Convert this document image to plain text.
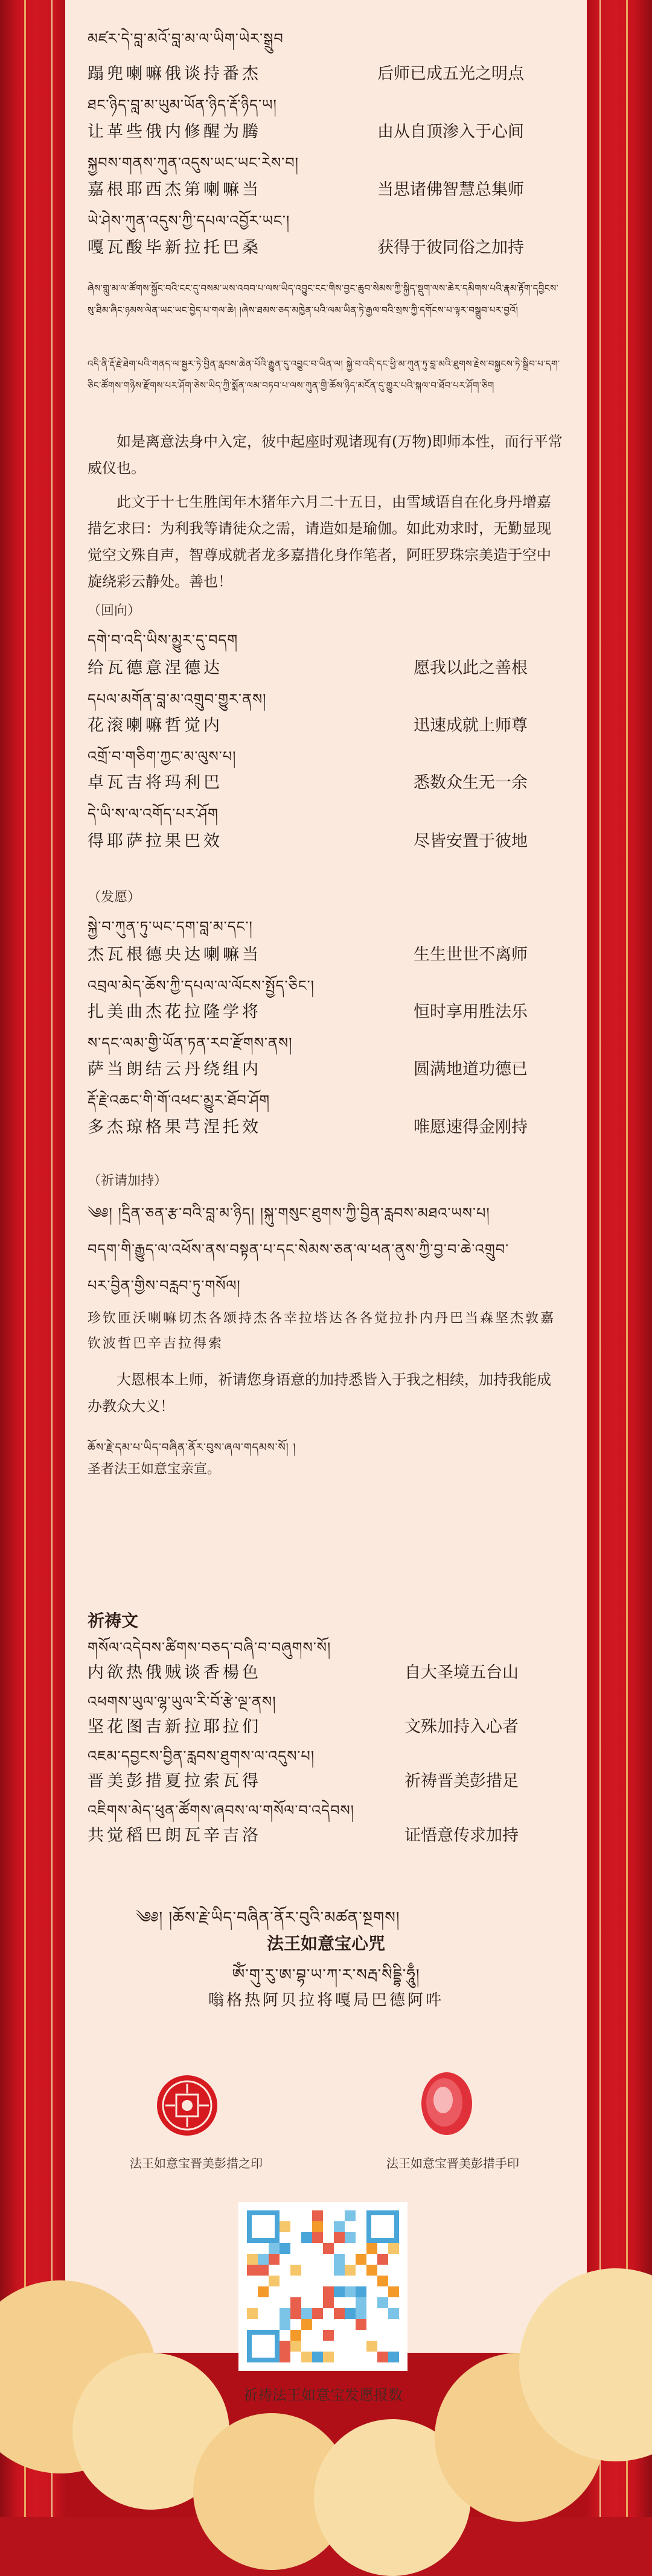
མཛར་དེ་བླ་མའོ་བླ་མ་ལ་ཡིག་ཡེར་སྒྲུབ
蹋兜喇嘛俄谈持番杰	后师已成五光之明点
ཐང་ཉིད་བླ་མ་ཡུམ་ཡོན་ཉིད་རྡོ་ཉིད་ཡ།
让革些俄内修醒为腾	由从自顶渗入于心间
སྐྱབས་གནས་ཀུན་འདུས་ཡང་ཡང་རེས་བ།
嘉根耶西杰第喇嘛当	当思诸佛智慧总集师
ཡེ་ཤེས་ཀུན་འདུས་ཀྱི་དཔལ་འབྱོར་ཡང་།
嘎瓦酸毕新拉托巴桑	获得于彼同俗之加持
ཞེས་གླུ་མ་ལ་ཚོགས་སྐྱོང་བའི་ངང་དུ་བསམ་ཡས་འབབ་པ་ལས་ཡིད་འབྱུང་ངང་གིས་བྱང་ཆུབ་སེམས་ཀྱི་སྐྱིད་སྡུག་ལས་ཆེར་དམིགས་པའི་རྣམ་རྟོག་དབྱིངས་སུ་ཐིམ་ཞིང་ཉམས་ལེན་ཡང་ཡང་བྱེད་པ་གལ་ཆེ། །ཞེས་ཐམས་ཅད་མཁྱེན་པའི་ལམ་ཡིན་ཏེ་རྒྱལ་བའི་སྲས་ཀྱི་དགོངས་པ་ལྟར་བསྒྲུབ་པར་བྱའོ།
འདི་ནི་རྡོ་རྗེ་ཐེག་པའི་གནད་ལ་སྦྱར་ཏེ་བྱིན་རླབས་ཆེན་པོའི་རྒྱུན་དུ་འབྱུང་བ་ཡིན་ལ། སྐྱེ་བ་འདི་དང་ཕྱི་མ་ཀུན་ཏུ་བླ་མའི་ཐུགས་རྗེས་བསྐྱངས་ཏེ་སྒྲིབ་པ་དག་ཅིང་ཚོགས་གཉིས་རྫོགས་པར་ཤོག་ཅེས་ཡིད་ཀྱི་སྨོན་ལམ་བཏབ་པ་ལས་ཀུན་གྱི་ཆོས་ཉིད་མངོན་དུ་གྱུར་པའི་སྐལ་བ་ཐོབ་པར་ཤོག་ཅིག
如是离意法身中入定，彼中起座时观诸现有(万物)即师本性，而行平常威仪也。
此文于十七生胜闰年木猪年六月二十五日，由雪域语自在化身丹增嘉措乞求曰：为利我等请徒众之需，请造如是瑜伽。如此劝求时，无勤显现觉空文殊自声，智尊成就者龙多嘉措化身作笔者，阿旺罗珠宗美造于空中旋绕彩云静处。善也！
（回向）
དགེ་བ་འདི་ཡིས་མྱུར་དུ་བདག
给瓦德意涅德达	愿我以此之善根
དཔལ་མགོན་བླ་མ་འགྲུབ་གྱུར་ནས།
花滚喇嘛哲觉内	迅速成就上师尊
འགྲོ་བ་གཅིག་ཀྱང་མ་ལུས་པ།
卓瓦吉将玛利巴	悉数众生无一余
དེ་ཡི་ས་ལ་འགོད་པར་ཤོག
得耶萨拉果巴效	尽皆安置于彼地
（发愿）
སྐྱེ་བ་ཀུན་ཏུ་ཡང་དག་བླ་མ་དང་།
杰瓦根德央达喇嘛当	生生世世不离师
འབྲལ་མེད་ཆོས་ཀྱི་དཔལ་ལ་ལོངས་སྤྱོད་ཅིང་།
扎美曲杰花拉隆学将	恒时享用胜法乐
ས་དང་ལམ་གྱི་ཡོན་ཏན་རབ་རྫོགས་ནས།
萨当朗结云丹绕组内	圆满地道功德已
རྡོ་རྗེ་འཆང་གི་གོ་འཕང་མྱུར་ཐོབ་ཤོག
多杰琼格果芎涅托效	唯愿速得金刚持
（祈请加持）
༄༅། །དྲིན་ཅན་རྩ་བའི་བླ་མ་ཉིད། །སྐུ་གསུང་ཐུགས་ཀྱི་བྱིན་རླབས་མཐའ་ཡས་པ།
བདག་གི་རྒྱུད་ལ་འཕོས་ནས་བསྟན་པ་དང་སེམས་ཅན་ལ་ཕན་ནུས་ཀྱི་བྱ་བ་ཆེ་འགྲུབ་
པར་བྱིན་གྱིས་བརླབ་ཏུ་གསོལ།
珍钦匝沃喇嘛切杰各颂持杰各幸拉塔达各各觉拉扑内丹巴当森坚杰敦嘉钦波哲巴辛吉拉得索
大恩根本上师，祈请您身语意的加持悉皆入于我之相续，加持我能成办教众大义！
ཆོས་རྗེ་དམ་པ་ཡིད་བཞིན་ནོར་བུས་ཞལ་གདམས་སོ། །
圣者法王如意宝亲宣。
祈祷文
གསོལ་འདེབས་ཚིགས་བཅད་བཞི་བ་བཞུགས་སོ།
内欲热俄贼谈香楊色	自大圣境五台山
འཕགས་ཡུལ་ལྷ་ཡུལ་རི་བོ་རྩེ་ལྔ་ནས།
坚花图吉新拉耶拉们	文殊加持入心者
འཇམ་དབྱངས་བྱིན་རླབས་ཐུགས་ལ་འདུས་པ།
晋美彭措夏拉索瓦得	祈祷晋美彭措足
འཇིགས་མེད་ཕུན་ཚོགས་ཞབས་ལ་གསོལ་བ་འདེབས།
共觉稻巴朗瓦辛吉洛	证悟意传求加持
༄༅། །ཆོས་རྗེ་ཡིད་བཞིན་ནོར་བུའི་མཚན་སྔགས།
法王如意宝心咒
ཨོཾ་གུ་རུ་ཨ་བྷ་ཡ་ཀ་ར་སརྦ་སིདྡྷི་ཧཱུྃ།
嗡格热阿贝拉将嘎局巴德阿吽
法王如意宝晋美彭措之印	法王如意宝晋美彭措手印
祈祷法王如意宝发愿报数
